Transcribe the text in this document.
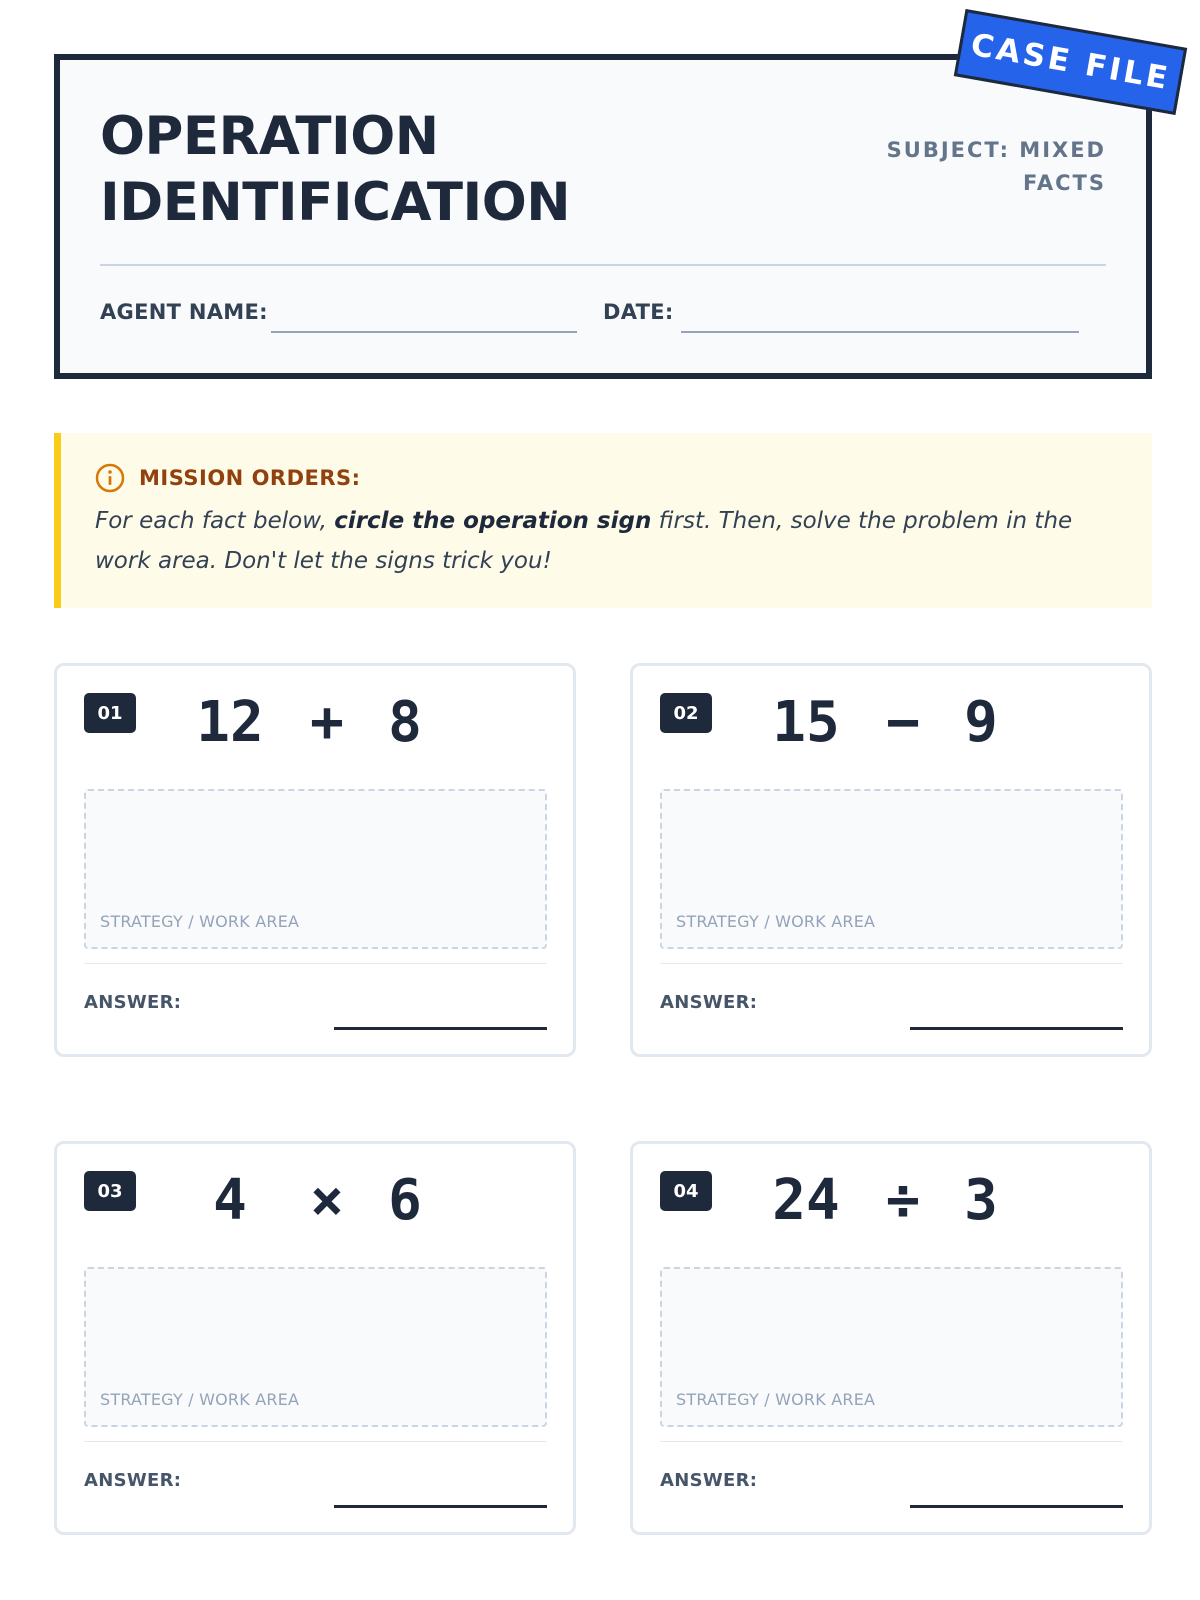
OPERATION
IDENTIFICATION
SUBJECT: MIXED
FACTS
AGENT NAME:	DATE:
CASE FILE
MISSION ORDERS:

For each fact below, circle the operation sign first. Then, solve the problem in the work area. Don't let the signs trick you!

01 12 + 8
STRATEGY / WORK AREA
ANSWER:
02 15 − 9
STRATEGY / WORK AREA
ANSWER:
03	4	× 6
STRATEGY / WORK AREA
ANSWER:
04 24 ÷ 3
STRATEGY / WORK AREA
ANSWER:
